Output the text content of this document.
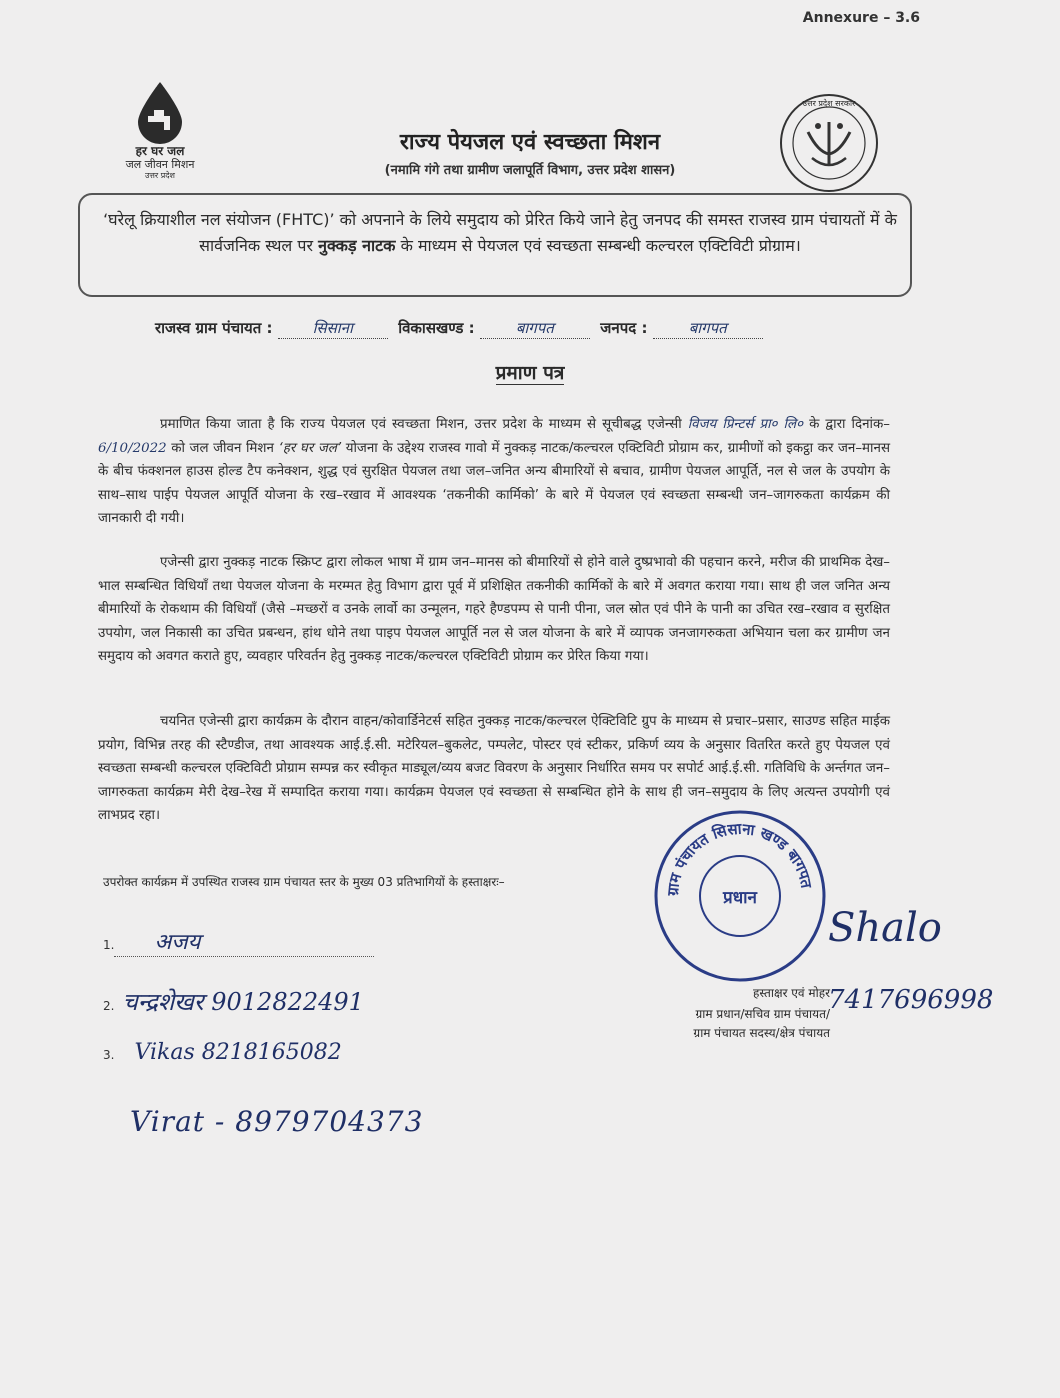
Annexure – 3.6
हर घर जल
जल जीवन मिशन
उत्तर प्रदेश
राज्य पेयजल एवं स्वच्छता मिशन
(नमामि गंगे तथा ग्रामीण जलापूर्ति विभाग, उत्तर प्रदेश शासन)
उत्तर प्रदेश सरकार
‘घरेलू क्रियाशील नल संयोजन (FHTC)’ को अपनाने के लिये समुदाय को प्रेरित किये जाने हेतु जनपद की समस्त राजस्व ग्राम पंचायतों में के सार्वजनिक स्थल पर नुक्कड़ नाटक के माध्यम से पेयजल एवं स्वच्छता सम्बन्धी कल्चरल एक्टिविटी प्रोग्राम।
राजस्व ग्राम पंचायत :	सिसाना	विकासखण्ड :	बागपत	जनपद :	बागपत
प्रमाण पत्र
प्रमाणित किया जाता है कि राज्य पेयजल एवं स्वच्छता मिशन, उत्तर प्रदेश के माध्यम से सूचीबद्ध एजेन्सी विजय प्रिन्टर्स प्रा० लि० के द्वारा दिनांक– 6/10/2022 को जल जीवन मिशन ‘हर घर जल’ योजना के उद्देश्य राजस्व गावो में नुक्कड़ नाटक/कल्चरल एक्टिविटी प्रोग्राम कर, ग्रामीणों को इकट्ठा कर जन–मानस के बीच फंक्शनल हाउस होल्ड टैप कनेक्शन, शुद्ध एवं सुरक्षित पेयजल तथा जल–जनित अन्य बीमारियों से बचाव, ग्रामीण पेयजल आपूर्ति, नल से जल के उपयोग के साथ–साथ पाईप पेयजल आपूर्ति योजना के रख–रखाव में आवश्यक ‘तकनीकी कार्मिको’ के बारे में पेयजल एवं स्वच्छता सम्बन्धी जन–जागरुकता कार्यक्रम की जानकारी दी गयी।
एजेन्सी द्वारा नुक्कड़ नाटक स्क्रिप्ट द्वारा लोकल भाषा में ग्राम जन–मानस को बीमारियों से होने वाले दुष्प्रभावो की पहचान करने, मरीज की प्राथमिक देख–भाल सम्बन्धित विधियाँ तथा पेयजल योजना के मरम्मत हेतु विभाग द्वारा पूर्व में प्रशिक्षित तकनीकी कार्मिकों के बारे में अवगत कराया गया। साथ ही जल जनित अन्य बीमारियों के रोकथाम की विधियाँ (जैसे –मच्छरों व उनके लार्वो का उन्मूलन, गहरे हैण्डपम्प से पानी पीना, जल स्रोत एवं पीने के पानी का उचित रख–रखाव व सुरक्षित उपयोग, जल निकासी का उचित प्रबन्धन, हांथ धोने तथा पाइप पेयजल आपूर्ति नल से जल योजना के बारे में व्यापक जनजागरुकता अभियान चला कर ग्रामीण जन समुदाय को अवगत कराते हुए, व्यवहार परिवर्तन हेतु नुक्कड़ नाटक/कल्चरल एक्टिविटी प्रोग्राम कर प्रेरित किया गया।
चयनित एजेन्सी द्वारा कार्यक्रम के दौरान वाहन/कोवार्डिनेटर्स सहित नुक्कड़ नाटक/कल्चरल ऐक्टिविटि ग्रुप के माध्यम से प्रचार–प्रसार, साउण्ड सहित माईक प्रयोग, विभिन्न तरह की स्टैण्डीज, तथा आवश्यक आई.ई.सी. मटेरियल–बुकलेट, पम्पलेट, पोस्टर एवं स्टीकर, प्रकिर्ण व्यय के अनुसार वितरित करते हुए पेयजल एवं स्वच्छता सम्बन्धी कल्चरल एक्टिविटी प्रोग्राम सम्पन्न कर स्वीकृत माड्यूल/व्यय बजट विवरण के अनुसार निर्धारित समय पर सपोर्ट आई.ई.सी. गतिविधि के अर्न्तगत जन–जागरुकता कार्यक्रम मेरी देख–रेख में सम्पादित कराया गया। कार्यक्रम पेयजल एवं स्वच्छता से सम्बन्धित होने के साथ ही जन–समुदाय के लिए अत्यन्त उपयोगी एवं लाभप्रद रहा।
उपरोक्त कार्यक्रम में उपस्थित राजस्व ग्राम पंचायत स्तर के मुख्य 03 प्रतिभागियों के हस्ताक्षरः–
1. अजय
2. चन्द्रशेखर 9012822491
3. Vikas 8218165082
Virat - 8979704373
ग्राम पंचायत सिसाना खण्ड बागपत
प्रधान
Shalo
7417696998
हस्ताक्षर एवं मोहर
ग्राम प्रधान/सचिव ग्राम पंचायत/
ग्राम पंचायत सदस्य/क्षेत्र पंचायत
